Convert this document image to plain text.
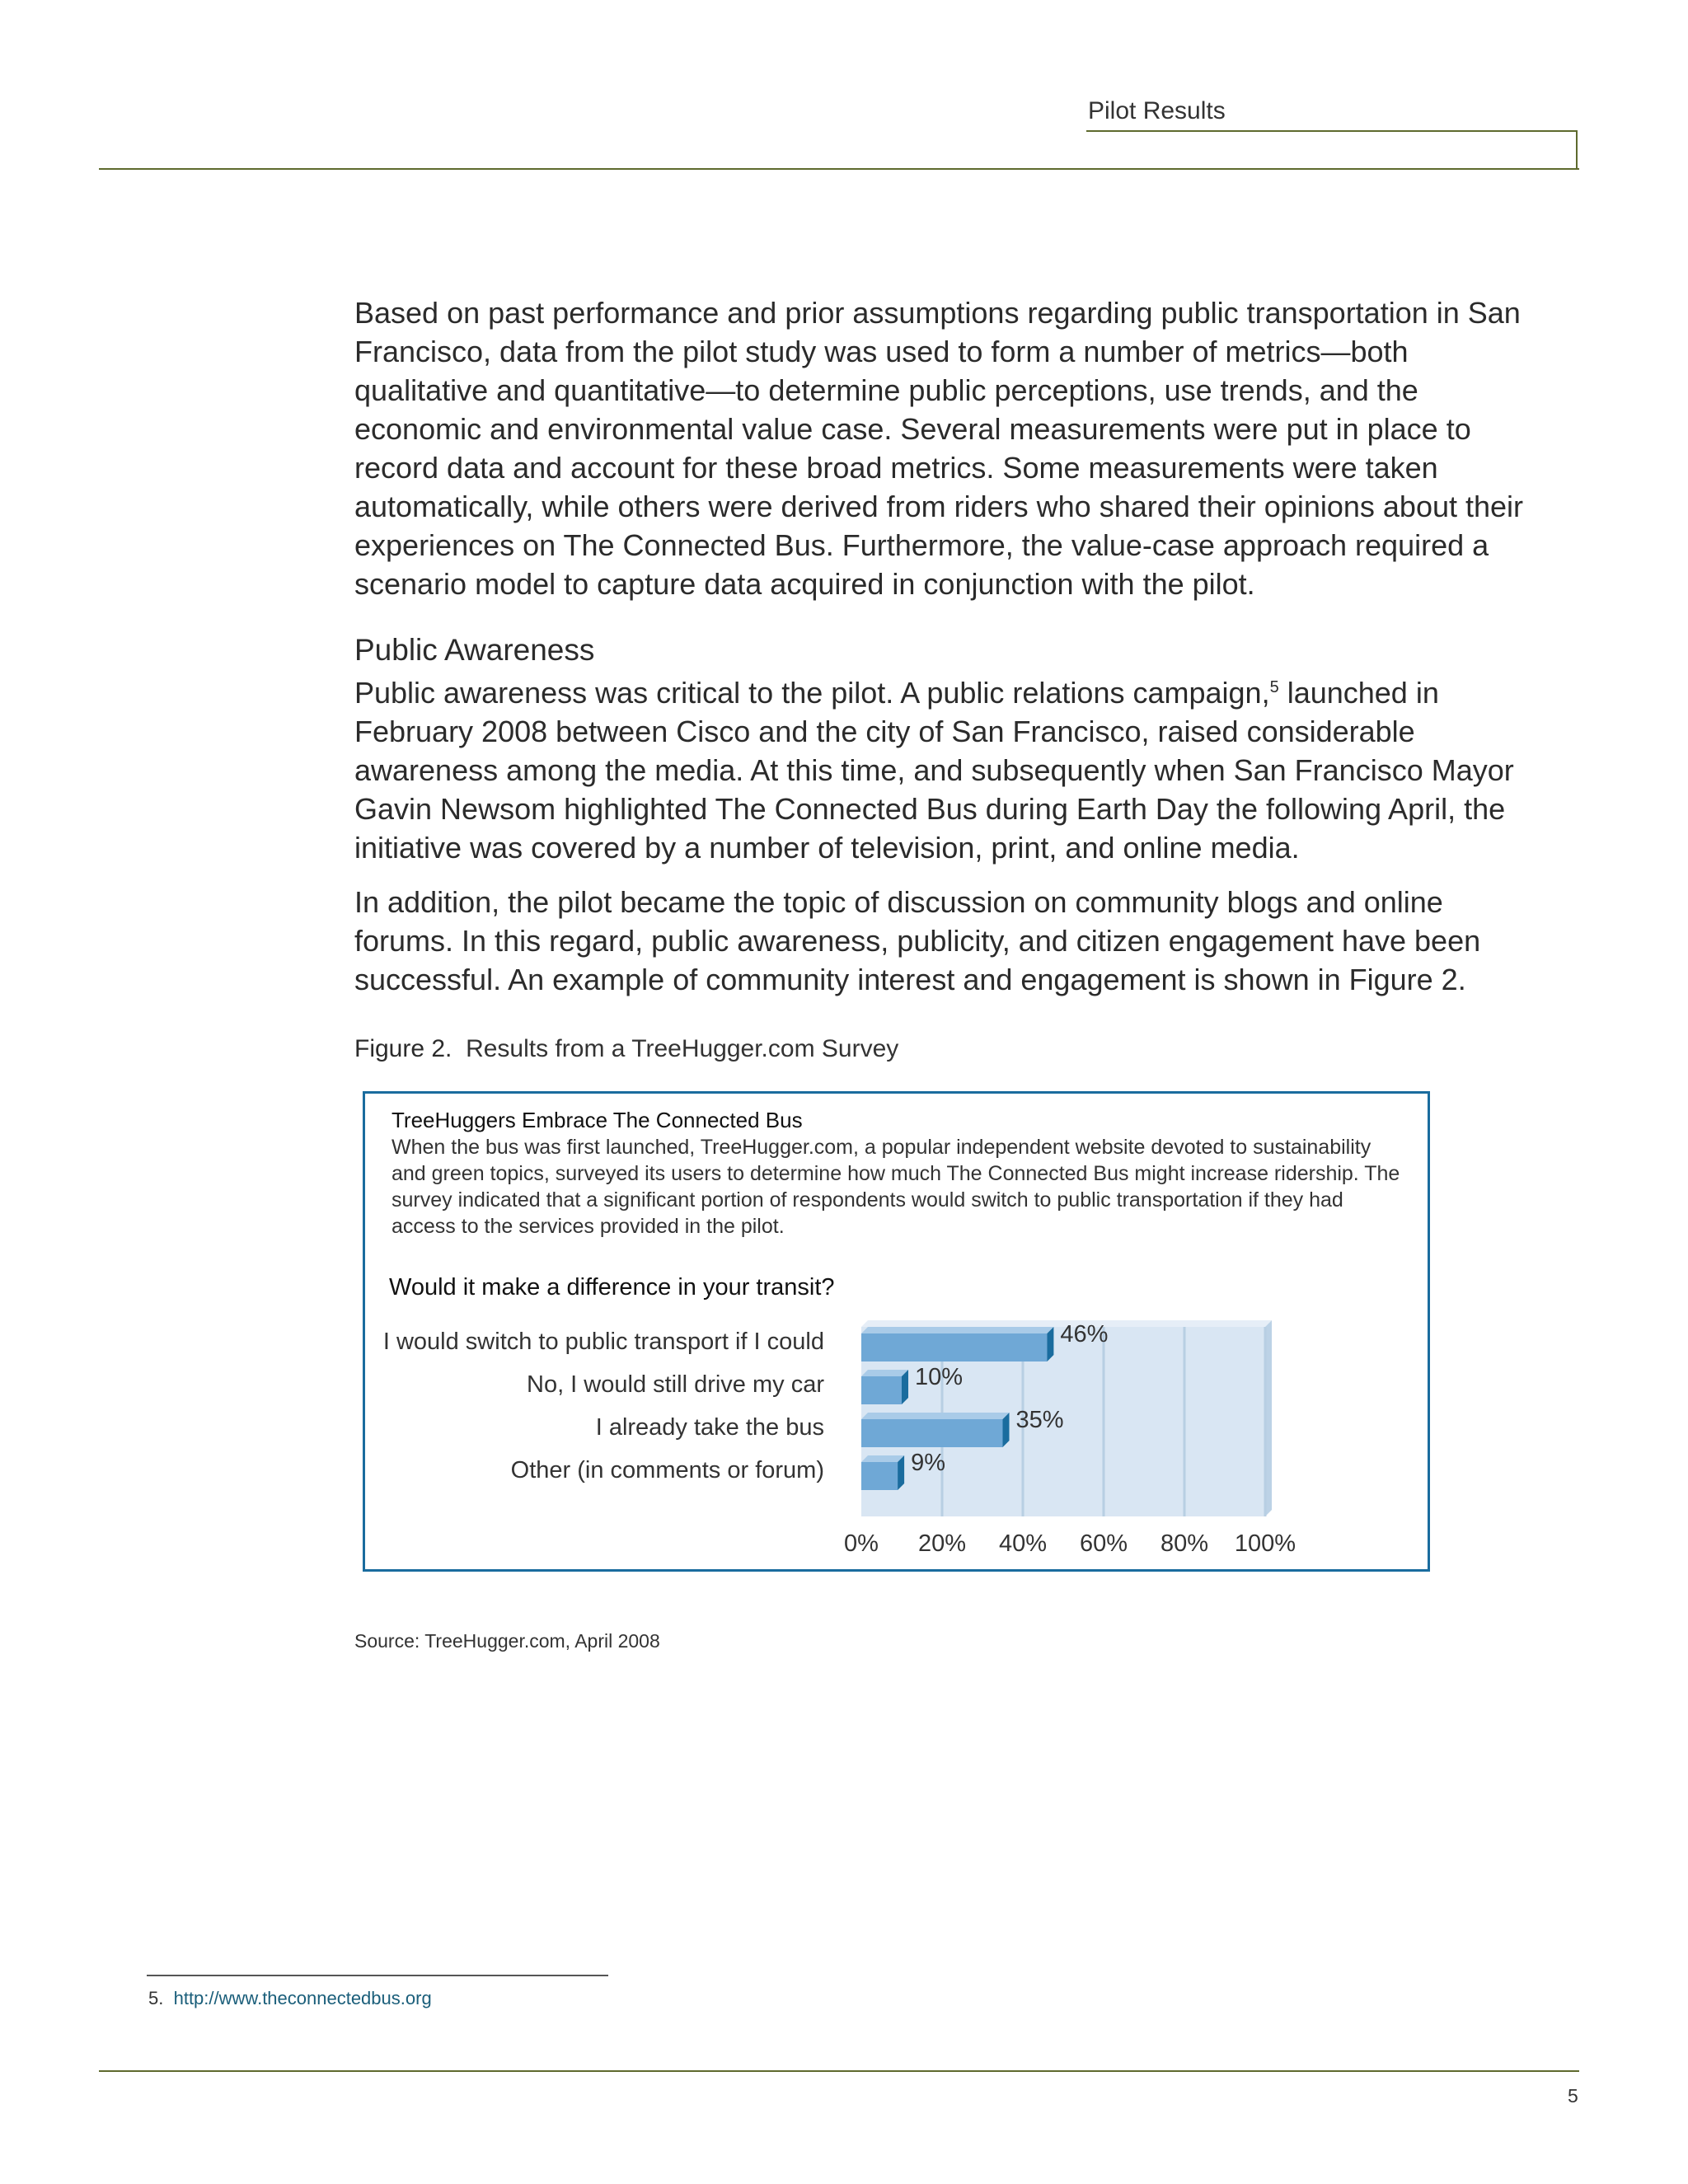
Pilot Results

Based on past performance and prior assumptions regarding public transportation in San Francisco, data from the pilot study was used to form a number of metrics—both qualitative and quantitative—to determine public perceptions, use trends, and the economic and environmental value case. Several measurements were put in place to record data and account for these broad metrics. Some measurements were taken automatically, while others were derived from riders who shared their opinions about their experiences on The Connected Bus. Furthermore, the value-case approach required a scenario model to capture data acquired in conjunction with the pilot.

Public Awareness

Public awareness was critical to the pilot. A public relations campaign,$^5$ launched in February 2008 between Cisco and the city of San Francisco, raised considerable awareness among the media. At this time, and subsequently when San Francisco Mayor Gavin Newsom highlighted The Connected Bus during Earth Day the following April, the initiative was covered by a number of television, print, and online media.

In addition, the pilot became the topic of discussion on community blogs and online forums. In this regard, public awareness, publicity, and citizen engagement have been successful. An example of community interest and engagement is shown in Figure 2.

Figure 2. Results from a TreeHugger.com Survey
TreeHuggers Embrace The Connected Bus
When the bus was first launched, TreeHugger.com, a popular independent website devoted to sustainability and green topics, surveyed its users to determine how much The Connected Bus might increase ridership. The survey indicated that a significant portion of respondents would switch to public transportation if they had access to the services provided in the pilot.
Would it make a difference in your transit?
46%
10%
35%
9%
0% 20% 40% 60% 80% 100%
I would switch to public transport if I could
No, I would still drive my car
I already take the bus
Other (in comments or forum)
Source: TreeHugger.com, April 2008
5. http://www.theconnectedbus.org
5
